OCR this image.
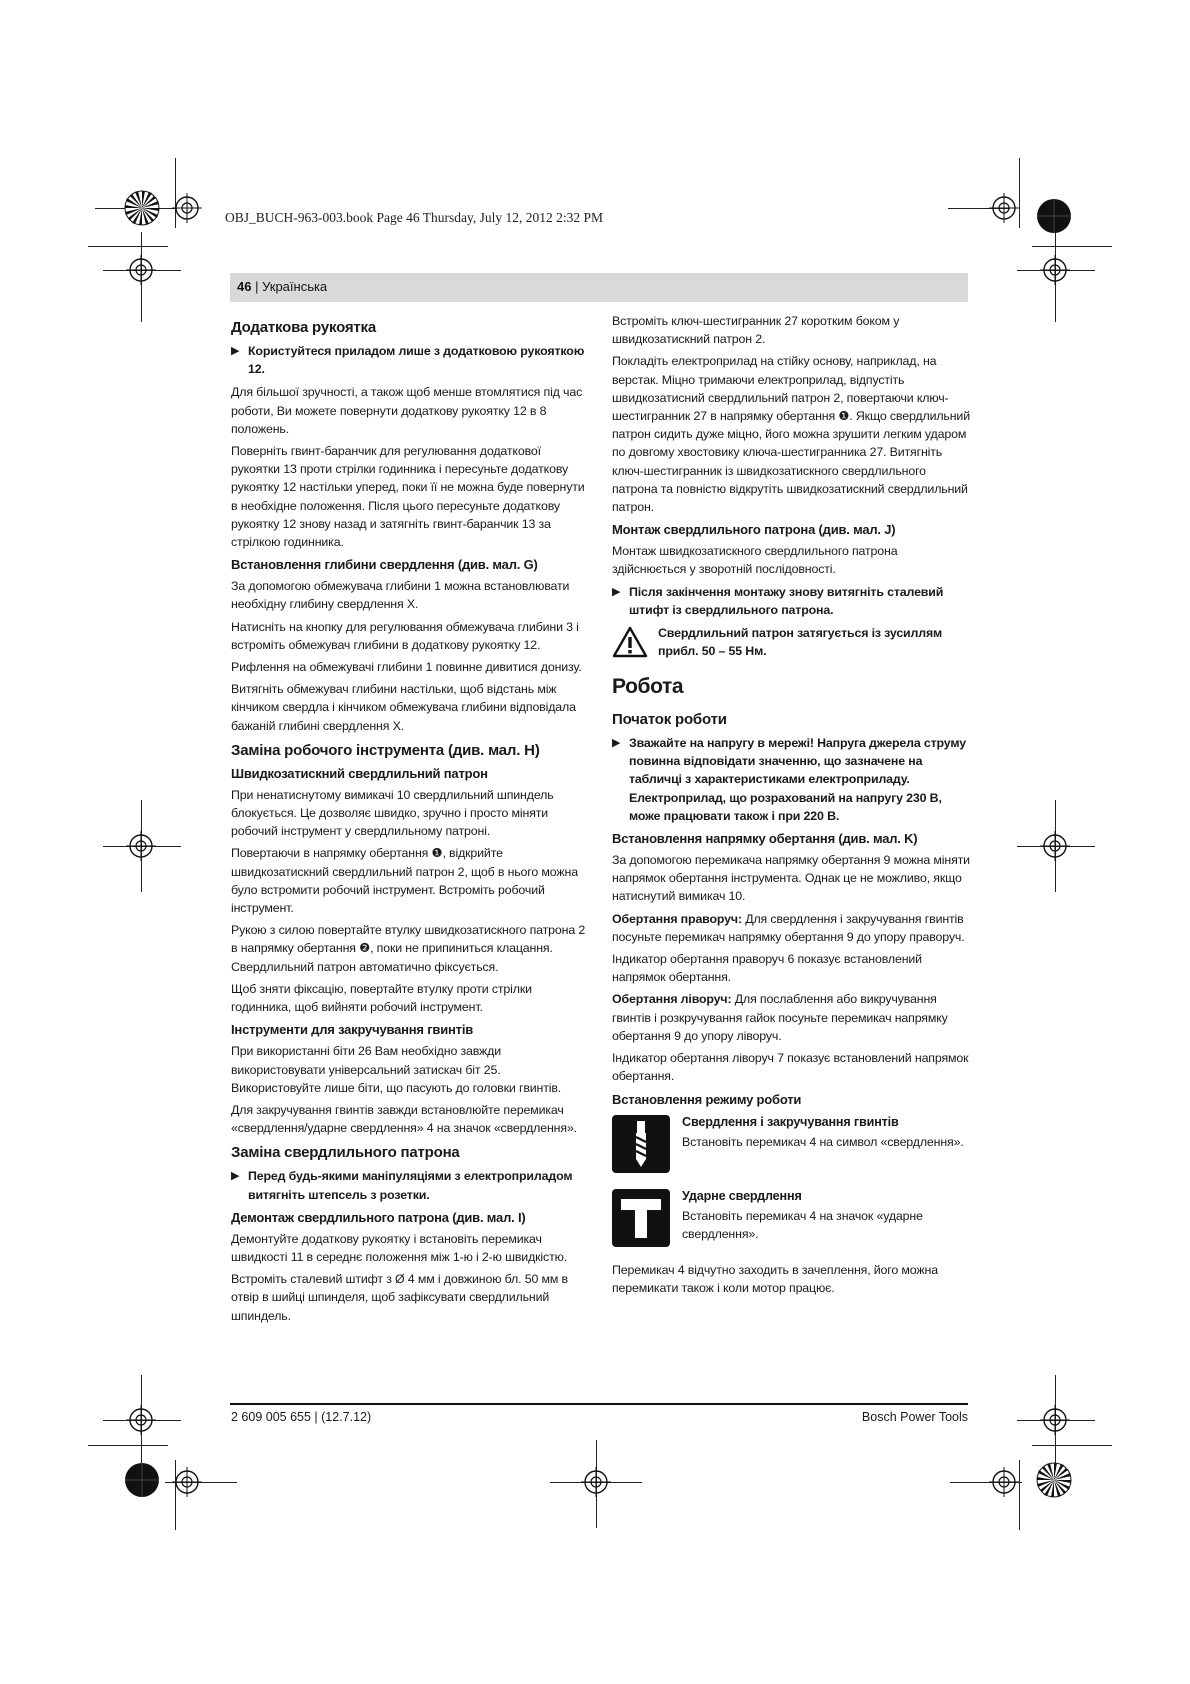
OBJ_BUCH-963-003.book Page 46 Thursday, July 12, 2012 2:32 PM
46 | Українська
Додаткова рукоятка
▶ Користуйтеся приладом лише з додатковою рукояткою 12.

Для більшої зручності, а також щоб менше втомлятися під час роботи, Ви можете повернути додаткову рукоятку 12 в 8 положень.

Поверніть гвинт-баранчик для регулювання додаткової рукоятки 13 проти стрілки годинника і пересуньте додаткову рукоятку 12 настільки уперед, поки її не можна буде повернути в необхідне положення. Після цього пересуньте додаткову рукоятку 12 знову назад и затягніть гвинт-баранчик 13 за стрілкою годинника.

Встановлення глибини свердлення (див. мал. G)

За допомогою обмежувача глибини 1 можна встановлювати необхідну глибину свердлення X.

Натисніть на кнопку для регулювання обмежувача глибини 3 і встроміть обмежувач глибини в додаткову рукоятку 12.

Рифлення на обмежувачі глибини 1 повинне дивитися донизу.

Витягніть обмежувач глибини настільки, щоб відстань між кінчиком свердла і кінчиком обмежувача глибини відповідала бажаній глибині свердлення X.

Заміна робочого інструмента (див. мал. H)
Швидкозатискний свердлильний патрон

При ненатиснутому вимикачі 10 свердлильний шпиндель блокується. Це дозволяє швидко, зручно і просто міняти робочий інструмент у свердлильному патроні.

Повертаючи в напрямку обертання ❶, відкрийте швидкозатискний свердлильний патрон 2, щоб в нього можна було встромити робочий інструмент. Встроміть робочий інструмент.

Рукою з силою повертайте втулку швидкозатискного патрона 2 в напрямку обертання ❷, поки не припиниться клацання. Свердлильний патрон автоматично фіксується.

Щоб зняти фіксацію, повертайте втулку проти стрілки годинника, щоб вийняти робочий інструмент.

Інструменти для закручування гвинтів

При використанні біти 26 Вам необхідно завжди використовувати універсальний затискач біт 25. Використовуйте лише біти, що пасують до головки гвинтів.

Для закручування гвинтів завжди встановлюйте перемикач «свердлення/ударне свердлення» 4 на значок «свердлення».

Заміна свердлильного патрона
▶ Перед будь-якими маніпуляціями з електроприладом витягніть штепсель з розетки.
Демонтаж свердлильного патрона (див. мал. I)

Демонтуйте додаткову рукоятку і встановіть перемикач швидкості 11 в середнє положення між 1-ю і 2-ю швидкістю.

Встроміть сталевий штифт з Ø 4 мм і довжиною бл. 50 мм в отвір в шийці шпинделя, щоб зафіксувати свердлильний шпиндель.

Встроміть ключ-шестигранник 27 коротким боком у швидкозатискний патрон 2.

Покладіть електроприлад на стійку основу, наприклад, на верстак. Міцно тримаючи електроприлад, відпустіть швидкозатисний свердлильний патрон 2, повертаючи ключ-шестигранник 27 в напрямку обертання ❶. Якщо свердлильний патрон сидить дуже міцно, його можна зрушити легким ударом по довгому хвостовику ключа-шестигранника 27. Витягніть ключ-шестигранник із швидкозатискного свердлильного патрона та повністю відкрутіть швидкозатискний свердлильний патрон.

Монтаж свердлильного патрона (див. мал. J)

Монтаж швидкозатискного свердлильного патрона здійснюється у зворотній послідовності.

▶ Після закінчення монтажу знову витягніть сталевий штифт із свердлильного патрона.
Свердлильний патрон затягується із зусиллям прибл. 50 – 55 Нм.
Робота
Початок роботи
▶ Зважайте на напругу в мережі! Напруга джерела струму повинна відповідати значенню, що зазначене на табличці з характеристиками електроприладу. Електроприлад, що розрахований на напругу 230 В, може працювати також і при 220 В.
Встановлення напрямку обертання (див. мал. K)

За допомогою перемикача напрямку обертання 9 можна міняти напрямок обертання інструмента. Однак це не можливо, якщо натиснутий вимикач 10.

Обертання праворуч: Для свердлення і закручування гвинтів посуньте перемикач напрямку обертання 9 до упору праворуч.

Індикатор обертання праворуч 6 показує встановлений напрямок обертання.

Обертання ліворуч: Для послаблення або викручування гвинтів і розкручування гайок посуньте перемикач напрямку обертання 9 до упору ліворуч.

Індикатор обертання ліворуч 7 показує встановлений напрямок обертання.

Встановлення режиму роботи
Свердлення і закручування гвинтів
Встановіть перемикач 4 на символ «свердлення».
Ударне свердлення
Встановіть перемикач 4 на значок «ударне свердлення».

Перемикач 4 відчутно заходить в зачеплення, його можна перемикати також і коли мотор працює.

2 609 005 655 | (12.7.12)	Bosch Power Tools
